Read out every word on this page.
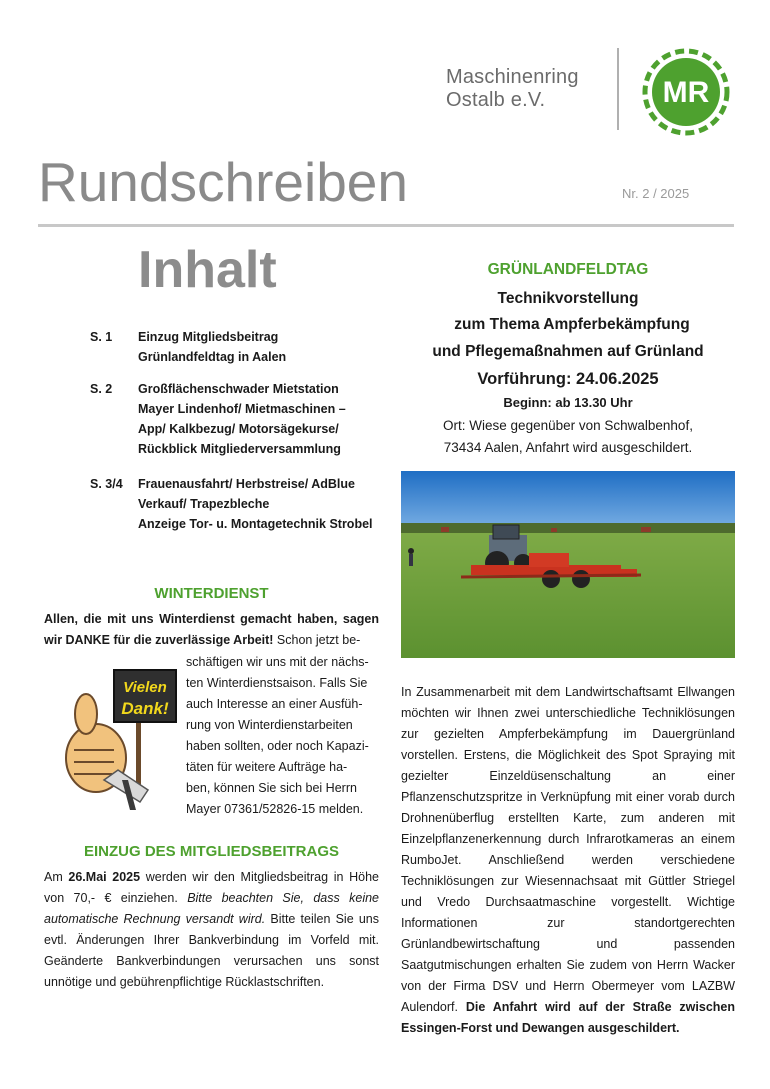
Maschinenring
Ostalb e.V.	MR
Rundschreiben	Nr. 2 / 2025
Inhalt
S. 1 Einzug Mitgliedsbeitrag
Grünlandfeldtag in Aalen
S. 2 Großflächenschwader Mietstation
Mayer Lindenhof/ Mietmaschinen –
App/ Kalkbezug/ Motorsägekurse/
Rückblick Mitgliederversammlung
S. 3/4 Frauenausfahrt/ Herbstreise/ AdBlue
Verkauf/ Trapezbleche
Anzeige Tor- u. Montagetechnik Strobel
WINTERDIENST
Allen, die mit uns Winterdienst gemacht haben, sagen wir DANKE für die zuverlässige Arbeit! Schon jetzt be-
Vielen
Dank!
schäftigen wir uns mit der nächs-
ten Winterdienstsaison. Falls Sie
auch Interesse an einer Ausfüh-
rung von Winterdienstarbeiten
haben sollten, oder noch Kapazi-
täten für weitere Aufträge ha-
ben, können Sie sich bei Herrn
Mayer 07361/52826-15 melden.
EINZUG DES MITGLIEDSBEITRAGS
Am 26.Mai 2025 werden wir den Mitgliedsbeitrag in Höhe von 70,- € einziehen. Bitte beachten Sie, dass keine automatische Rechnung versandt wird. Bitte teilen Sie uns evtl. Änderungen Ihrer Bankverbindung im Vorfeld mit. Geänderte Bankverbindungen verursachen uns sonst unnötige und gebührenpflichtige Rücklastschriften.
GRÜNLANDFELDTAG
Technikvorstellung
zum Thema Ampferbekämpfung
und Pflegemaßnahmen auf Grünland
Vorführung: 24.06.2025
Beginn: ab 13.30 Uhr
Ort: Wiese gegenüber von Schwalbenhof,
73434 Aalen, Anfahrt wird ausgeschildert.
In Zusammenarbeit mit dem Landwirtschaftsamt Ellwangen möchten wir Ihnen zwei unterschiedliche Techniklösungen zur gezielten Ampferbekämpfung im Dauergrünland vorstellen. Erstens, die Möglichkeit des Spot Spraying mit gezielter Einzeldüsenschaltung an einer Pflanzenschutzspritze in Verknüpfung mit einer vorab durch Drohnenüberflug erstellten Karte, zum anderen mit Einzelpflanzenerkennung durch Infrarotkameras an einem RumboJet. Anschließend werden verschiedene Techniklösungen zur Wiesennachsaat mit Güttler Striegel und Vredo Durchsaatmaschine vorgestellt. Wichtige Informationen zur standortgerechten Grünlandbewirtschaftung und passenden Saatgutmischungen erhalten Sie zudem von Herrn Wacker von der Firma DSV und Herrn Obermeyer vom LAZBW Aulendorf. Die Anfahrt wird auf der Straße zwischen Essingen-Forst und Dewangen ausgeschildert.
